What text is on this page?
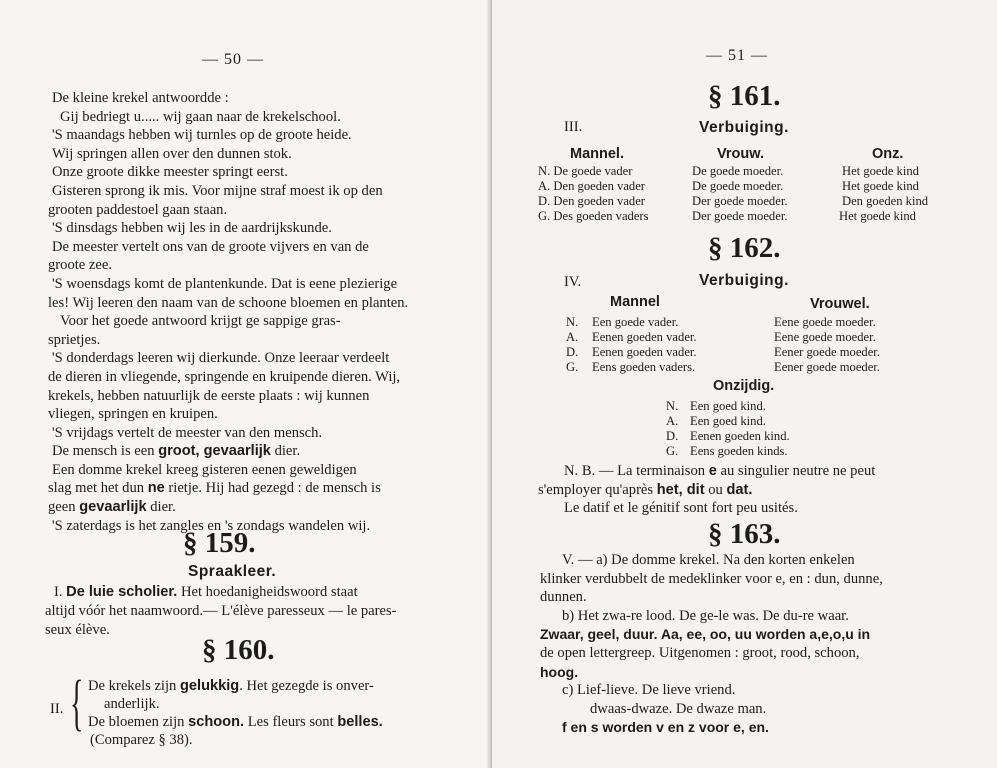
— 50 —
De kleine krekel antwoordde :
Gij bedriegt u..... wij gaan naar de krekelschool.
'S maandags hebben wij turnles op de groote heide.
Wij springen allen over den dunnen stok.
Onze groote dikke meester springt eerst.
Gisteren sprong ik mis. Voor mijne straf moest ik op den
grooten paddestoel gaan staan.
'S dinsdags hebben wij les in de aardrijkskunde.
De meester vertelt ons van de groote vijvers en van de
groote zee.
'S woensdags komt de plantenkunde. Dat is eene plezierige
les! Wij leeren den naam van de schoone bloemen en planten.
Voor het goede antwoord krijgt ge sappige gras-
sprietjes.
'S donderdags leeren wij dierkunde. Onze leeraar verdeelt
de dieren in vliegende, springende en kruipende dieren. Wij,
krekels, hebben natuurlijk de eerste plaats : wij kunnen
vliegen, springen en kruipen.
'S vrijdags vertelt de meester van den mensch.
De mensch is een groot, gevaarlijk dier.
Een domme krekel kreeg gisteren eenen geweldigen
slag met het dun ne rietje. Hij had gezegd : de mensch is
geen gevaarlijk dier.
'S zaterdags is het zangles en 's zondags wandelen wij.
§ 159.
Spraakleer.
I. De luie scholier. Het hoedanigheidswoord staat
altijd vóór het naamwoord.— L'élève paresseux — le pares-
seux élève.
§ 160.
II. { De krekels zijn gelukkig. Het gezegde is onver-
anderlijk.
De bloemen zijn schoon. Les fleurs sont belles.
(Comparez § 38).
— 51 —
§ 161.
III.	Verbuiging.
Mannel.	Vrouw.	Onz.
N. De goede vader	De goede moeder.	Het goede kind
A. Den goeden vader	De goede moeder.	Het goede kind
D. Den goeden vader	Der goede moeder.	Den goeden kind
G. Des goeden vaders	Der goede moeder.	Het goede kind
§ 162.
IV.	Verbuiging.
Mannel	Vrouwel.
N. Een goede vader.	Eene goede moeder.
A. Eenen goeden vader.	Eene goede moeder.
D. Eenen goeden vader.	Eener goede moeder.
G. Eens goeden vaders.	Eener goede moeder.
Onzijdig.
N. Een goed kind.
A. Een goed kind.
D. Eenen goeden kind.
G. Eens goeden kinds.
N. B. — La terminaison e au singulier neutre ne peut
s'employer qu'après het, dit ou dat.
Le datif et le génitif sont fort peu usités.
§ 163.
V. — a) De domme krekel. Na den korten enkelen
klinker verdubbelt de medeklinker voor e, en : dun, dunne,
dunnen.
b) Het zwa-re lood. De ge-le was. De du-re waar.
Zwaar, geel, duur. Aa, ee, oo, uu worden a,e,o,u in
de open lettergreep. Uitgenomen : groot, rood, schoon,
hoog.
c) Lief-lieve. De lieve vriend.
dwaas-dwaze. De dwaze man.
f en s worden v en z voor e, en.
